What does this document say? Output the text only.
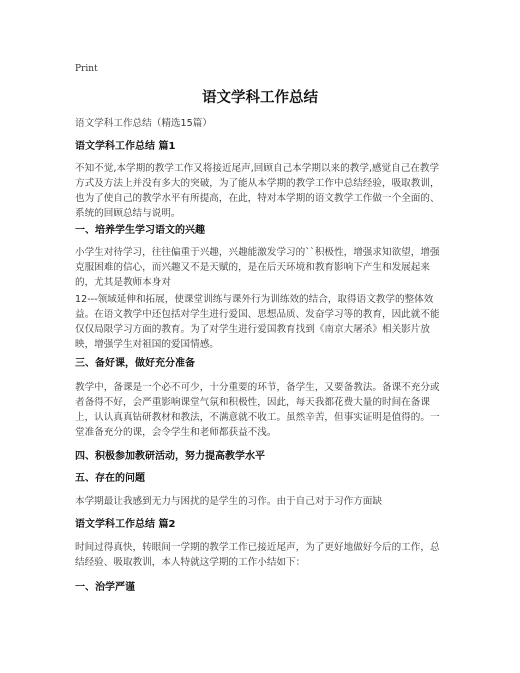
Print
语文学科工作总结
语文学科工作总结（精选15篇）
语文学科工作总结 篇1
不知不觉,本学期的教学工作又将接近尾声,回顾自己本学期以来的教学,感觉自己在教学方式及方法上并没有多大的突破，为了能从本学期的教学工作中总结经验，吸取教训，也为了使自己的教学水平有所提高，在此，特对本学期的语文教学工作做一个全面的、系统的回顾总结与说明。
一、培养学生学习语文的兴趣
小学生对待学习，往往偏重于兴趣，兴趣能激发学习的``积极性，增强求知欲望，增强克服困难的信心，而兴趣又不是天赋的，是在后天环境和教育影响下产生和发展起来的，尤其是教师本身对
12---领域延伸和拓展，使课堂训练与课外行为训练效的结合，取得语文教学的整体效益。在语文教学中还包括对学生进行爱国、思想品质、发奋学习等的教育，因此就不能仅仅局限学习方面的教育。为了对学生进行爱国教育找到《南京大屠杀》相关影片放映，增强学生对祖国的爱国情感。
三、备好课，做好充分准备
教学中，备课是一个必不可少，十分重要的环节，备学生，又要备教法。备课不充分或者备得不好，会严重影响课堂气氛和积极性，因此，每天我都花费大量的时间在备课上，认认真真钻研教材和教法，不满意就不收工。虽然辛苦，但事实证明是值得的。一堂准备充分的课，会令学生和老师都获益不浅。
四、积极参加教研活动，努力提高教学水平
五、存在的问题
本学期最让我感到无力与困扰的是学生的习作。由于自己对于习作方面缺
语文学科工作总结 篇2
时间过得真快，转眼间一学期的教学工作已接近尾声，为了更好地做好今后的工作，总结经验、吸取教训，本人特就这学期的工作小结如下：
一、治学严谨
